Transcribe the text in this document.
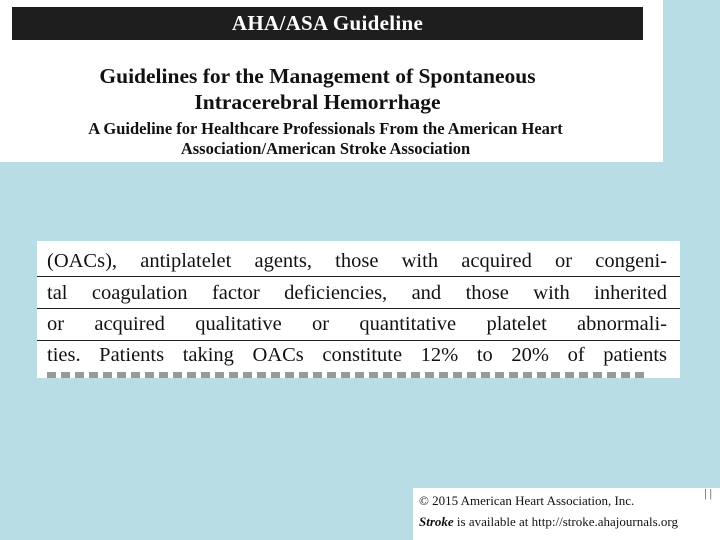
AHA/ASA Guideline
Guidelines for the Management of Spontaneous
Intracerebral Hemorrhage
A Guideline for Healthcare Professionals From the American Heart
Association/American Stroke Association
(OACs), antiplatelet agents, those with acquired or congeni-
tal coagulation factor deficiencies, and those with inherited
or acquired qualitative or quantitative platelet abnormali-
ties. Patients taking OACs constitute 12% to 20% of patients
| |
© 2015 American Heart Association, Inc.
Stroke is available at http://stroke.ahajournals.org
